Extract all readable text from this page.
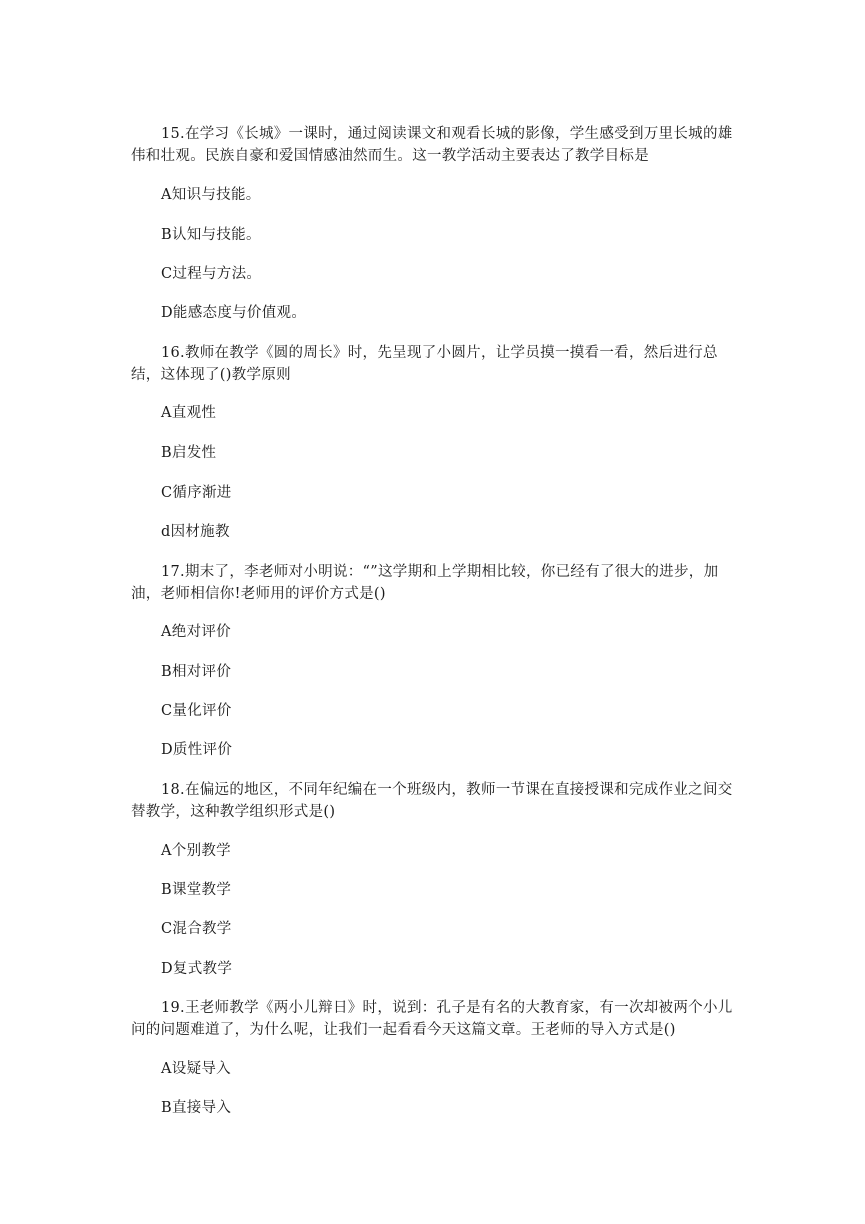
15.在学习《长城》一课时，通过阅读课文和观看长城的影像，学生感受到万里长城的雄伟和壮观。民族自豪和爱国情感油然而生。这一教学活动主要表达了教学目标是

A知识与技能。

B认知与技能。

C过程与方法。

D能感态度与价值观。

16.教师在教学《圆的周长》时，先呈现了小圆片，让学员摸一摸看一看，然后进行总结，这体现了()教学原则

A直观性

B启发性

C循序渐进

d因材施教

17.期末了，李老师对小明说：“”这学期和上学期相比较，你已经有了很大的进步，加油，老师相信你!老师用的评价方式是()

A绝对评价

B相对评价

C量化评价

D质性评价

18.在偏远的地区，不同年纪编在一个班级内，教师一节课在直接授课和完成作业之间交替教学，这种教学组织形式是()

A个别教学

B课堂教学

C混合教学

D复式教学

19.王老师教学《两小儿辩日》时，说到：孔子是有名的大教育家，有一次却被两个小儿问的问题难道了，为什么呢，让我们一起看看今天这篇文章。王老师的导入方式是()

A设疑导入

B直接导入
